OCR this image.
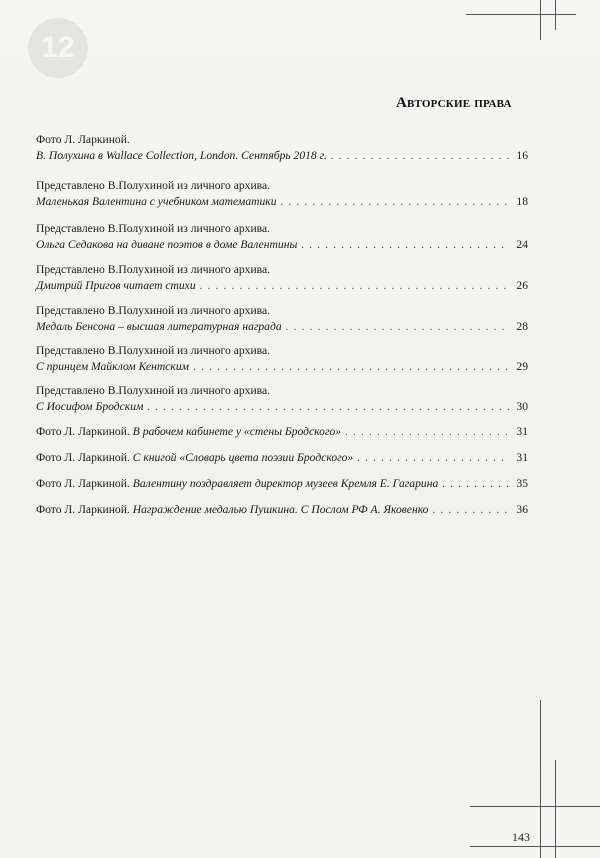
12
Авторские права
Фото Л. Ларкиной.
В. Полухина в Wallace Collection, London. Сентябрь 2018 г. . . .	16
Представлено В.Полухиной из личного архива.
Маленькая Валентина с учебником математики . . .	18
Представлено В.Полухиной из личного архива.
Ольга Седакова на диване поэтов в доме Валентины . . .	24
Представлено В.Полухиной из личного архива.
Дмитрий Пригов читает стихи . . .	26
Представлено В.Полухиной из личного архива.
Медаль Бенсона – высшая литературная награда . . .	28
Представлено В.Полухиной из личного архива.
С принцем Майклом Кентским . . .	29
Представлено В.Полухиной из личного архива.
С Иосифом Бродским . . .	30
Фото Л. Ларкиной.
В рабочем кабинете у «стены Бродского» . . .	31
Фото Л. Ларкиной.
С книгой «Словарь цвета поэзии Бродского» . . .	31
Фото Л. Ларкиной.
Валентину поздравляет директор музеев Кремля Е. Гагарина . . .	35
Фото Л. Ларкиной.
Награждение медалью Пушкина. С Послом РФ А. Яковенко . . .	36
143
